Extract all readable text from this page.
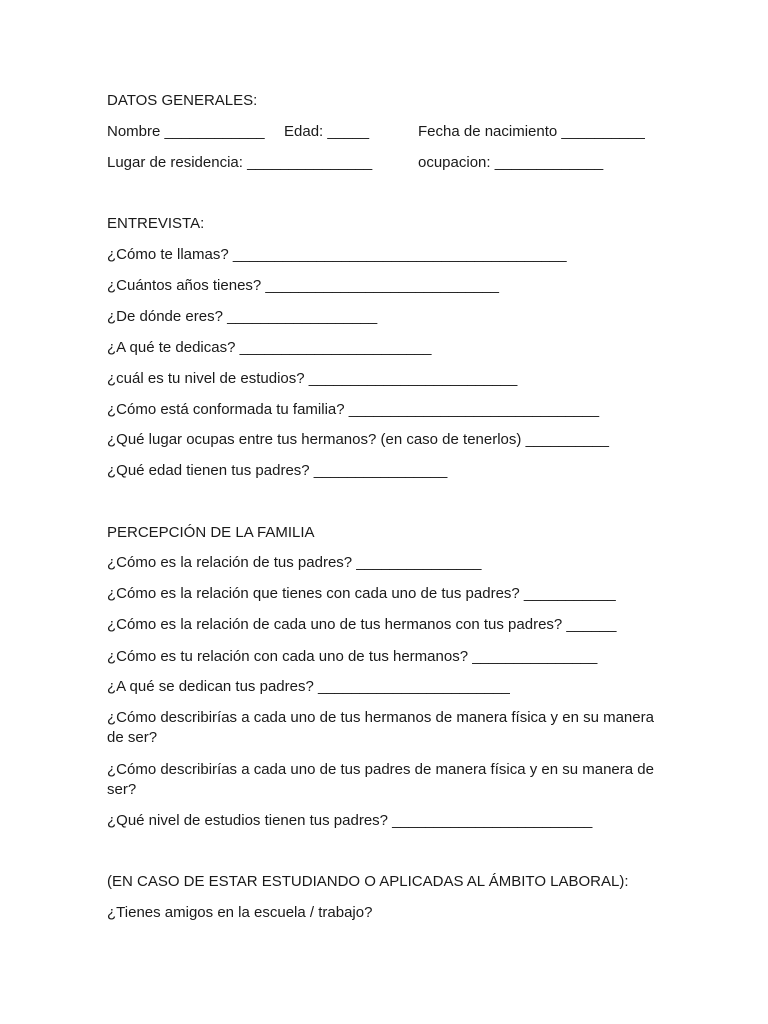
DATOS GENERALES:
Nombre ____________ Edad: _____	Fecha de nacimiento __________
Lugar de residencia: _______________	ocupacion: _____________
ENTREVISTA:
¿Cómo te llamas? ________________________________________
¿Cuántos años tienes? ____________________________
¿De dónde eres? __________________
¿A qué te dedicas? _______________________
¿cuál es tu nivel de estudios? _________________________
¿Cómo está conformada tu familia? ______________________________
¿Qué lugar ocupas entre tus hermanos? (en caso de tenerlos) __________
¿Qué edad tienen tus padres? ________________
PERCEPCIÓN DE LA FAMILIA
¿Cómo es la relación de tus padres? _______________
¿Cómo es la relación que tienes con cada uno de tus padres? ___________
¿Cómo es la relación de cada uno de tus hermanos con tus padres? ______
¿Cómo es tu relación con cada uno de tus hermanos? _______________
¿A qué se dedican tus padres? _______________________
¿Cómo describirías a cada uno de tus hermanos de manera física y en su manera de ser?
¿Cómo describirías a cada uno de tus padres de manera física y en su manera de ser?
¿Qué nivel de estudios tienen tus padres? ________________________
(EN CASO DE ESTAR ESTUDIANDO O APLICADAS AL ÁMBITO LABORAL):
¿Tienes amigos en la escuela / trabajo?
